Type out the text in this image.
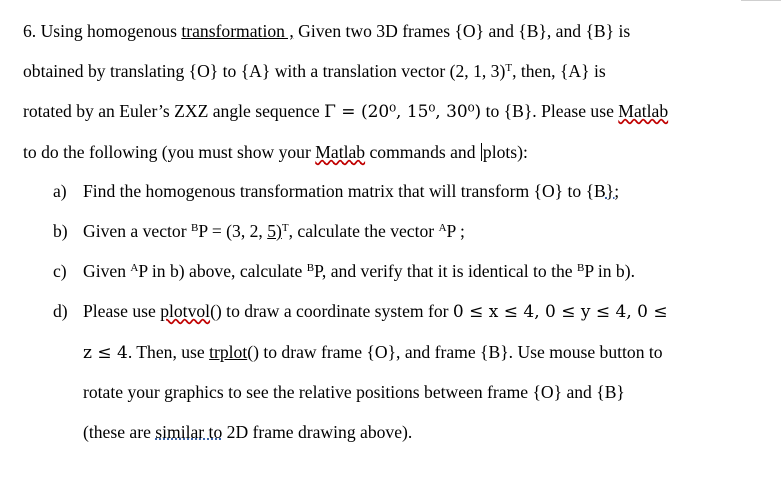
6. Using homogenous transformation , Given two 3D frames {O} and {B}, and {B} is
obtained by translating {O} to {A} with a translation vector (2, 1, 3)$^T$, then, {A} is
rotated by an Euler’s ZXZ angle sequence Γ = (20⁰, 15⁰, 30⁰) to {B}. Please use Matlab
to do the following (you must show your Matlab commands and plots):
a) Find the homogenous transformation matrix that will transform {O} to {B};
b) Given a vector $^B$P = (3, 2, 5)$^T$, calculate the vector $^A$P ;
c) Given $^A$P in b) above, calculate $^B$P, and verify that it is identical to the $^B$P in b).
d) Please use plotvol() to draw a coordinate system for 0 ≤ x ≤ 4, 0 ≤ y ≤ 4, 0 ≤
z ≤ 4. Then, use trplot() to draw frame {O}, and frame {B}. Use mouse button to
rotate your graphics to see the relative positions between frame {O} and {B}
(these are similar to 2D frame drawing above).
